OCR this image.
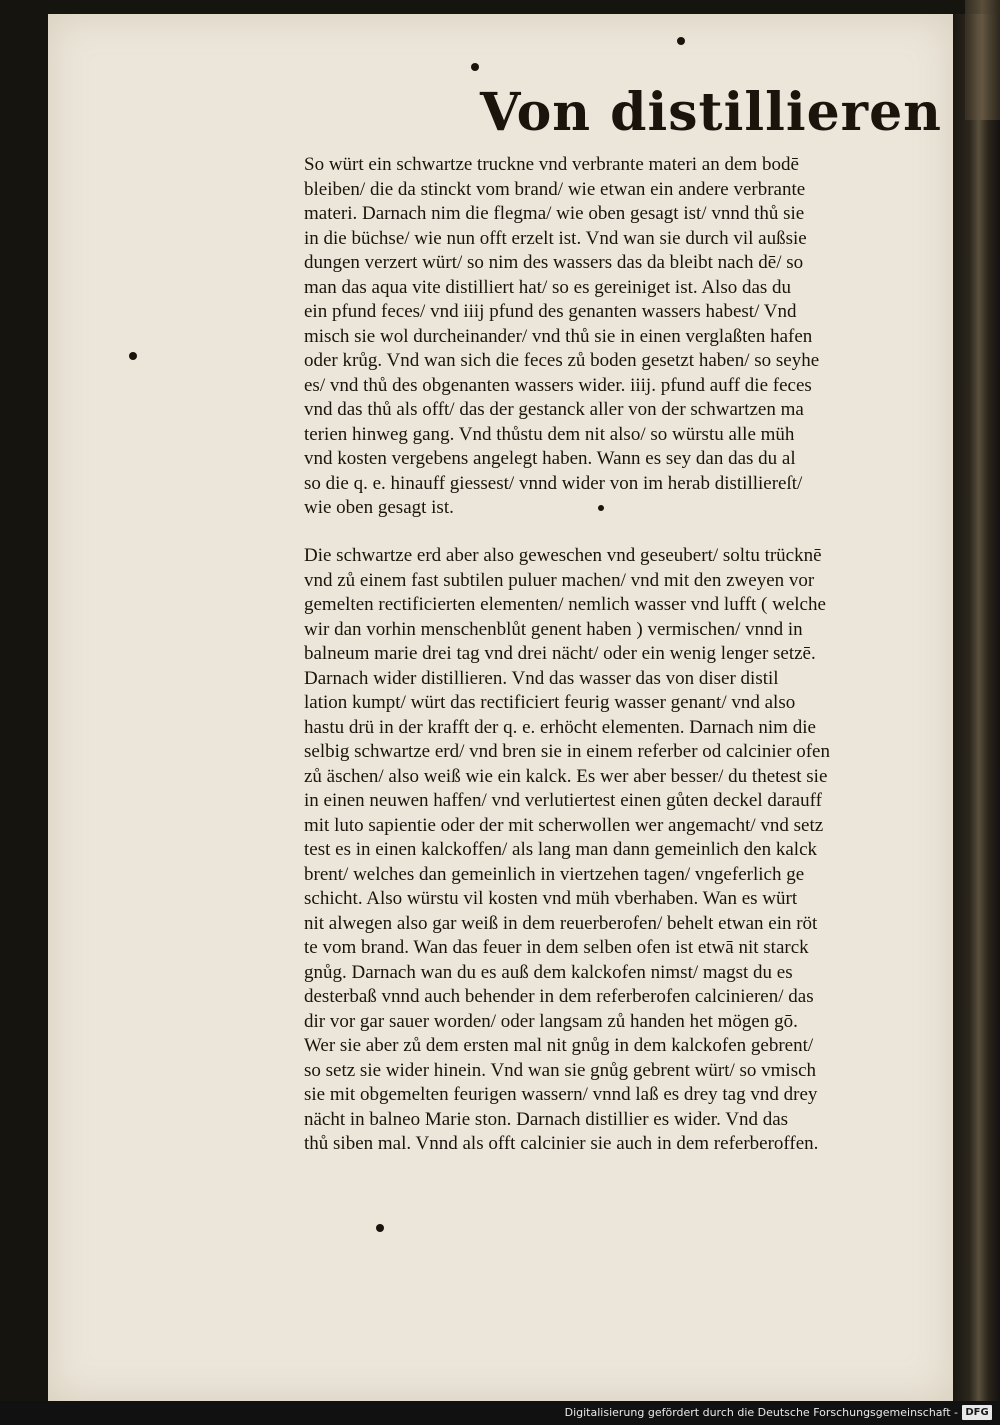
Von distillieren
So würt ein schwartze truckne vnd verbrante materi an dem bodē
bleiben/ die da stinckt vom brand/ wie etwan ein andere verbrante
materi. Darnach nim die flegma/ wie oben gesagt ist/ vnnd thů sie
in die büchse/ wie nun offt erzelt ist. Vnd wan sie durch vil außsie
dungen verzert würt/ so nim des wassers das da bleibt nach dē/ so
man das aqua vite distilliert hat/ so es gereiniget ist. Also das du
ein pfund feces/ vnd iiij pfund des genanten wassers habest/ Vnd
misch sie wol durcheinander/ vnd thů sie in einen verglaßten hafen
oder krůg. Vnd wan sich die feces zů boden gesetzt haben/ so seyhe
es/ vnd thů des obgenanten wassers wider. iiij. pfund auff die feces
vnd das thů als offt/ das der gestanck aller von der schwartzen ma
terien hinweg gang. Vnd thůstu dem nit also/ so würstu alle müh
vnd kosten vergebens angelegt haben. Wann es sey dan das du al
so die q. e. hinauff giessest/ vnnd wider von im herab distilliereſt/
wie oben gesagt ist.
Die schwartze erd aber also geweschen vnd geseubert/ soltu trücknē
vnd zů einem fast subtilen puluer machen/ vnd mit den zweyen vor
gemelten rectificierten elementen/ nemlich wasser vnd lufft ( welche
wir dan vorhin menschenblůt genent haben ) vermischen/ vnnd in
balneum marie drei tag vnd drei nächt/ oder ein wenig lenger setzē.
Darnach wider distillieren. Vnd das wasser das von diser distil
lation kumpt/ würt das rectificiert feurig wasser genant/ vnd also
hastu drü in der krafft der q. e. erhöcht elementen. Darnach nim die
selbig schwartze erd/ vnd bren sie in einem referber od calcinier ofen
zů äschen/ also weiß wie ein kalck. Es wer aber besser/ du thetest sie
in einen neuwen haffen/ vnd verlutiertest einen gůten deckel darauff
mit luto sapientie oder der mit scherwollen wer angemacht/ vnd setz
test es in einen kalckoffen/ als lang man dann gemeinlich den kalck
brent/ welches dan gemeinlich in viertzehen tagen/ vngeferlich ge
schicht. Also würstu vil kosten vnd müh vberhaben. Wan es würt
nit alwegen also gar weiß in dem reuerberofen/ behelt etwan ein röt
te vom brand. Wan das feuer in dem selben ofen ist etwā nit starck
gnůg. Darnach wan du es auß dem kalckofen nimst/ magst du es
desterbaß vnnd auch behender in dem referberofen calcinieren/ das
dir vor gar sauer worden/ oder langsam zů handen het mögen gō.
Wer sie aber zů dem ersten mal nit gnůg in dem kalckofen gebrent/
so setz sie wider hinein. Vnd wan sie gnůg gebrent würt/ so vmisch
sie mit obgemelten feurigen wassern/ vnnd laß es drey tag vnd drey
nächt in balneo Marie ston. Darnach distillier es wider. Vnd das
thů siben mal. Vnnd als offt calcinier sie auch in dem referberoffen.
Digitalisierung gefördert durch die Deutsche Forschungsgemeinschaft - DFG
